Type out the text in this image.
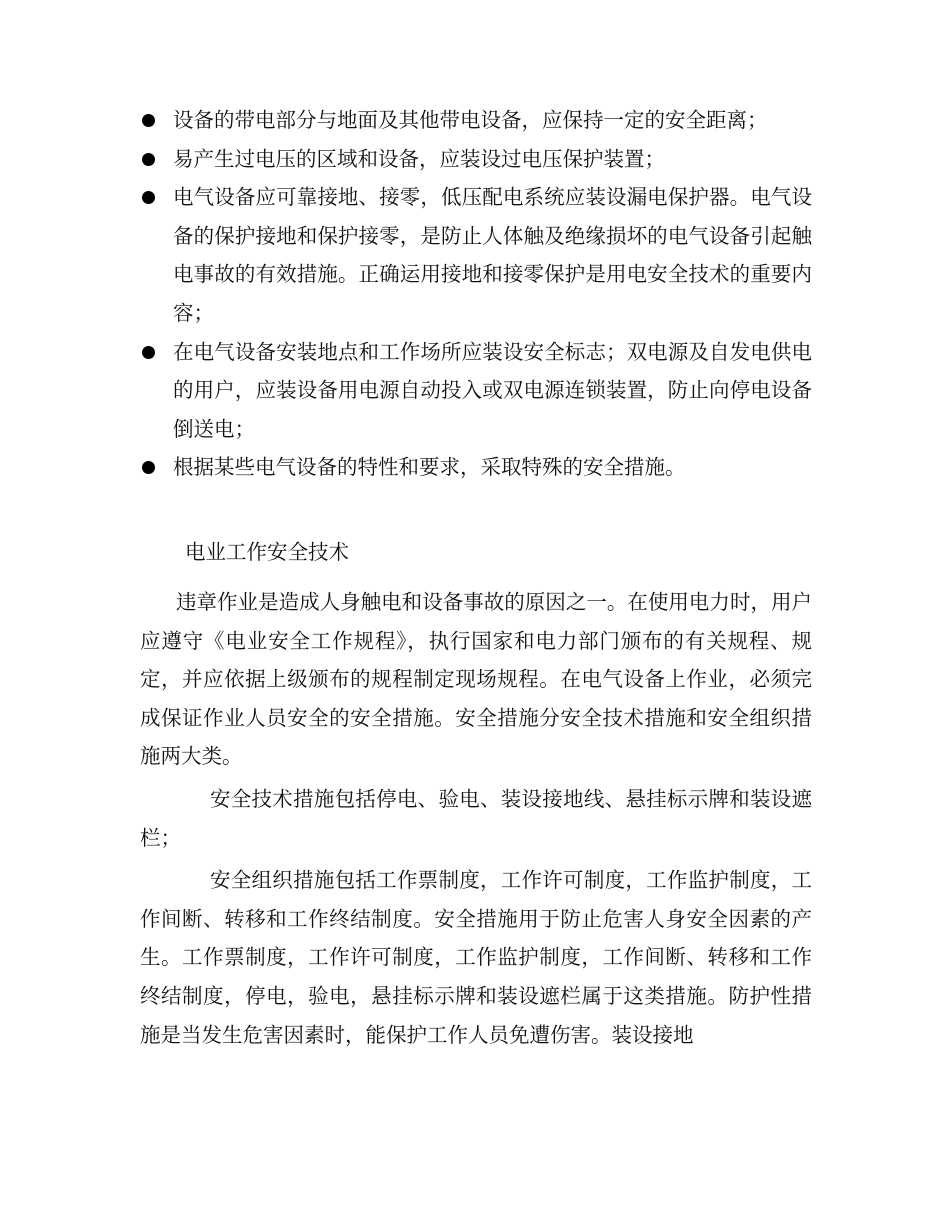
设备的带电部分与地面及其他带电设备，应保持一定的安全距离；
易产生过电压的区域和设备，应装设过电压保护装置；
电气设备应可靠接地、接零，低压配电系统应装设漏电保护器。电气设备的保护接地和保护接零，是防止人体触及绝缘损坏的电气设备引起触电事故的有效措施。正确运用接地和接零保护是用电安全技术的重要内容；
在电气设备安装地点和工作场所应装设安全标志；双电源及自发电供电的用户，应装设备用电源自动投入或双电源连锁装置，防止向停电设备倒送电；
根据某些电气设备的特性和要求，采取特殊的安全措施。
电业工作安全技术

违章作业是造成人身触电和设备事故的原因之一。在使用电力时，用户应遵守《电业安全工作规程》，执行国家和电力部门颁布的有关规程、规定，并应依据上级颁布的规程制定现场规程。在电气设备上作业，必须完成保证作业人员安全的安全措施。安全措施分安全技术措施和安全组织措施两大类。

安全技术措施包括停电、验电、装设接地线、悬挂标示牌和装设遮栏；

安全组织措施包括工作票制度，工作许可制度，工作监护制度，工作间断、转移和工作终结制度。安全措施用于防止危害人身安全因素的产生。工作票制度，工作许可制度，工作监护制度，工作间断、转移和工作终结制度，停电，验电，悬挂标示牌和装设遮栏属于这类措施。防护性措施是当发生危害因素时，能保护工作人员免遭伤害。装设接地
